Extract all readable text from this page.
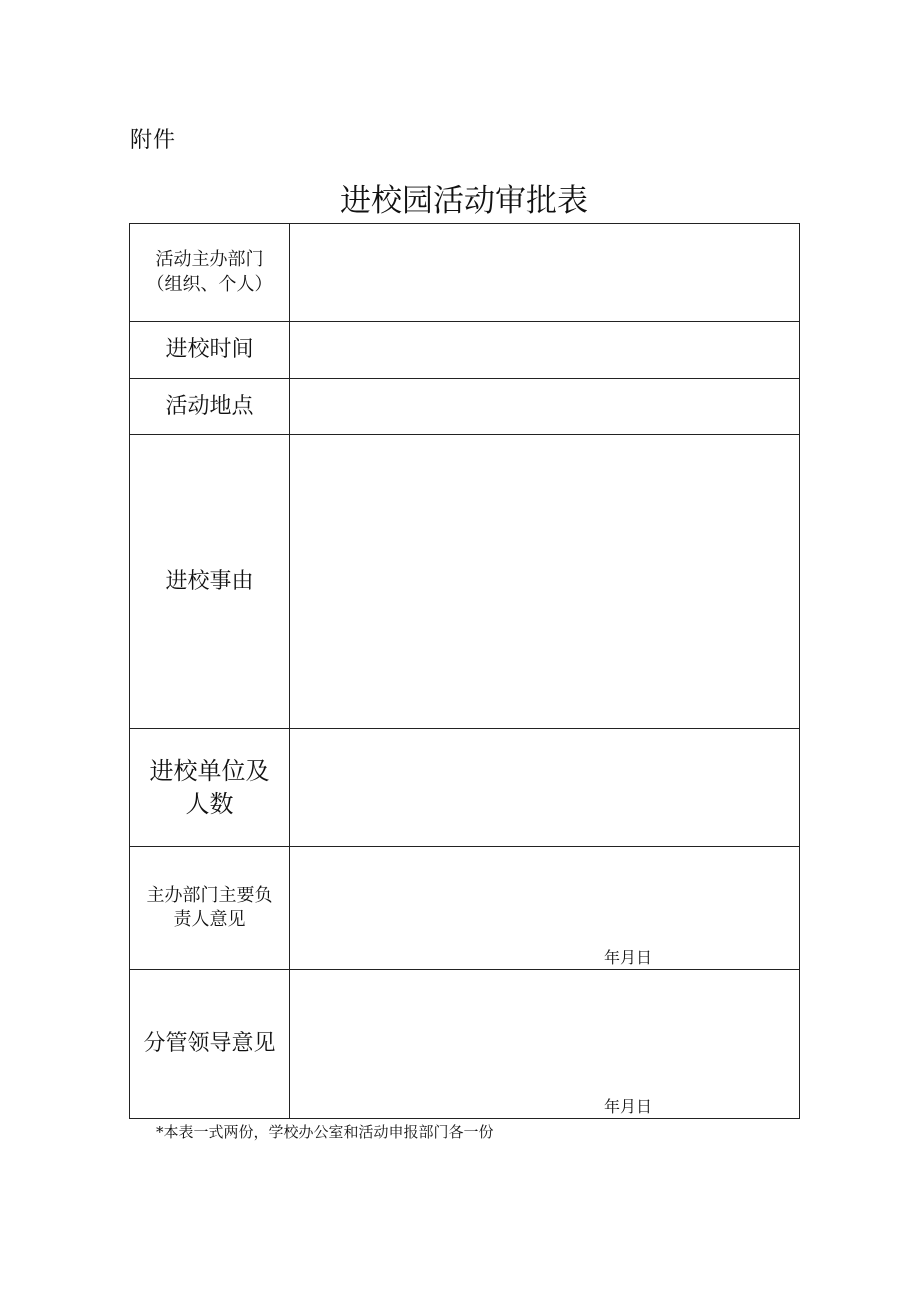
附件
进校园活动审批表
活动主办部门
（组织、个人）	

进校时间	
活动地点	
进校事由	

进校单位及
人数	

主办部门主要负
责人意见	年月日

分管领导意见	年月日
*本表一式两份，学校办公室和活动申报部门各一份
